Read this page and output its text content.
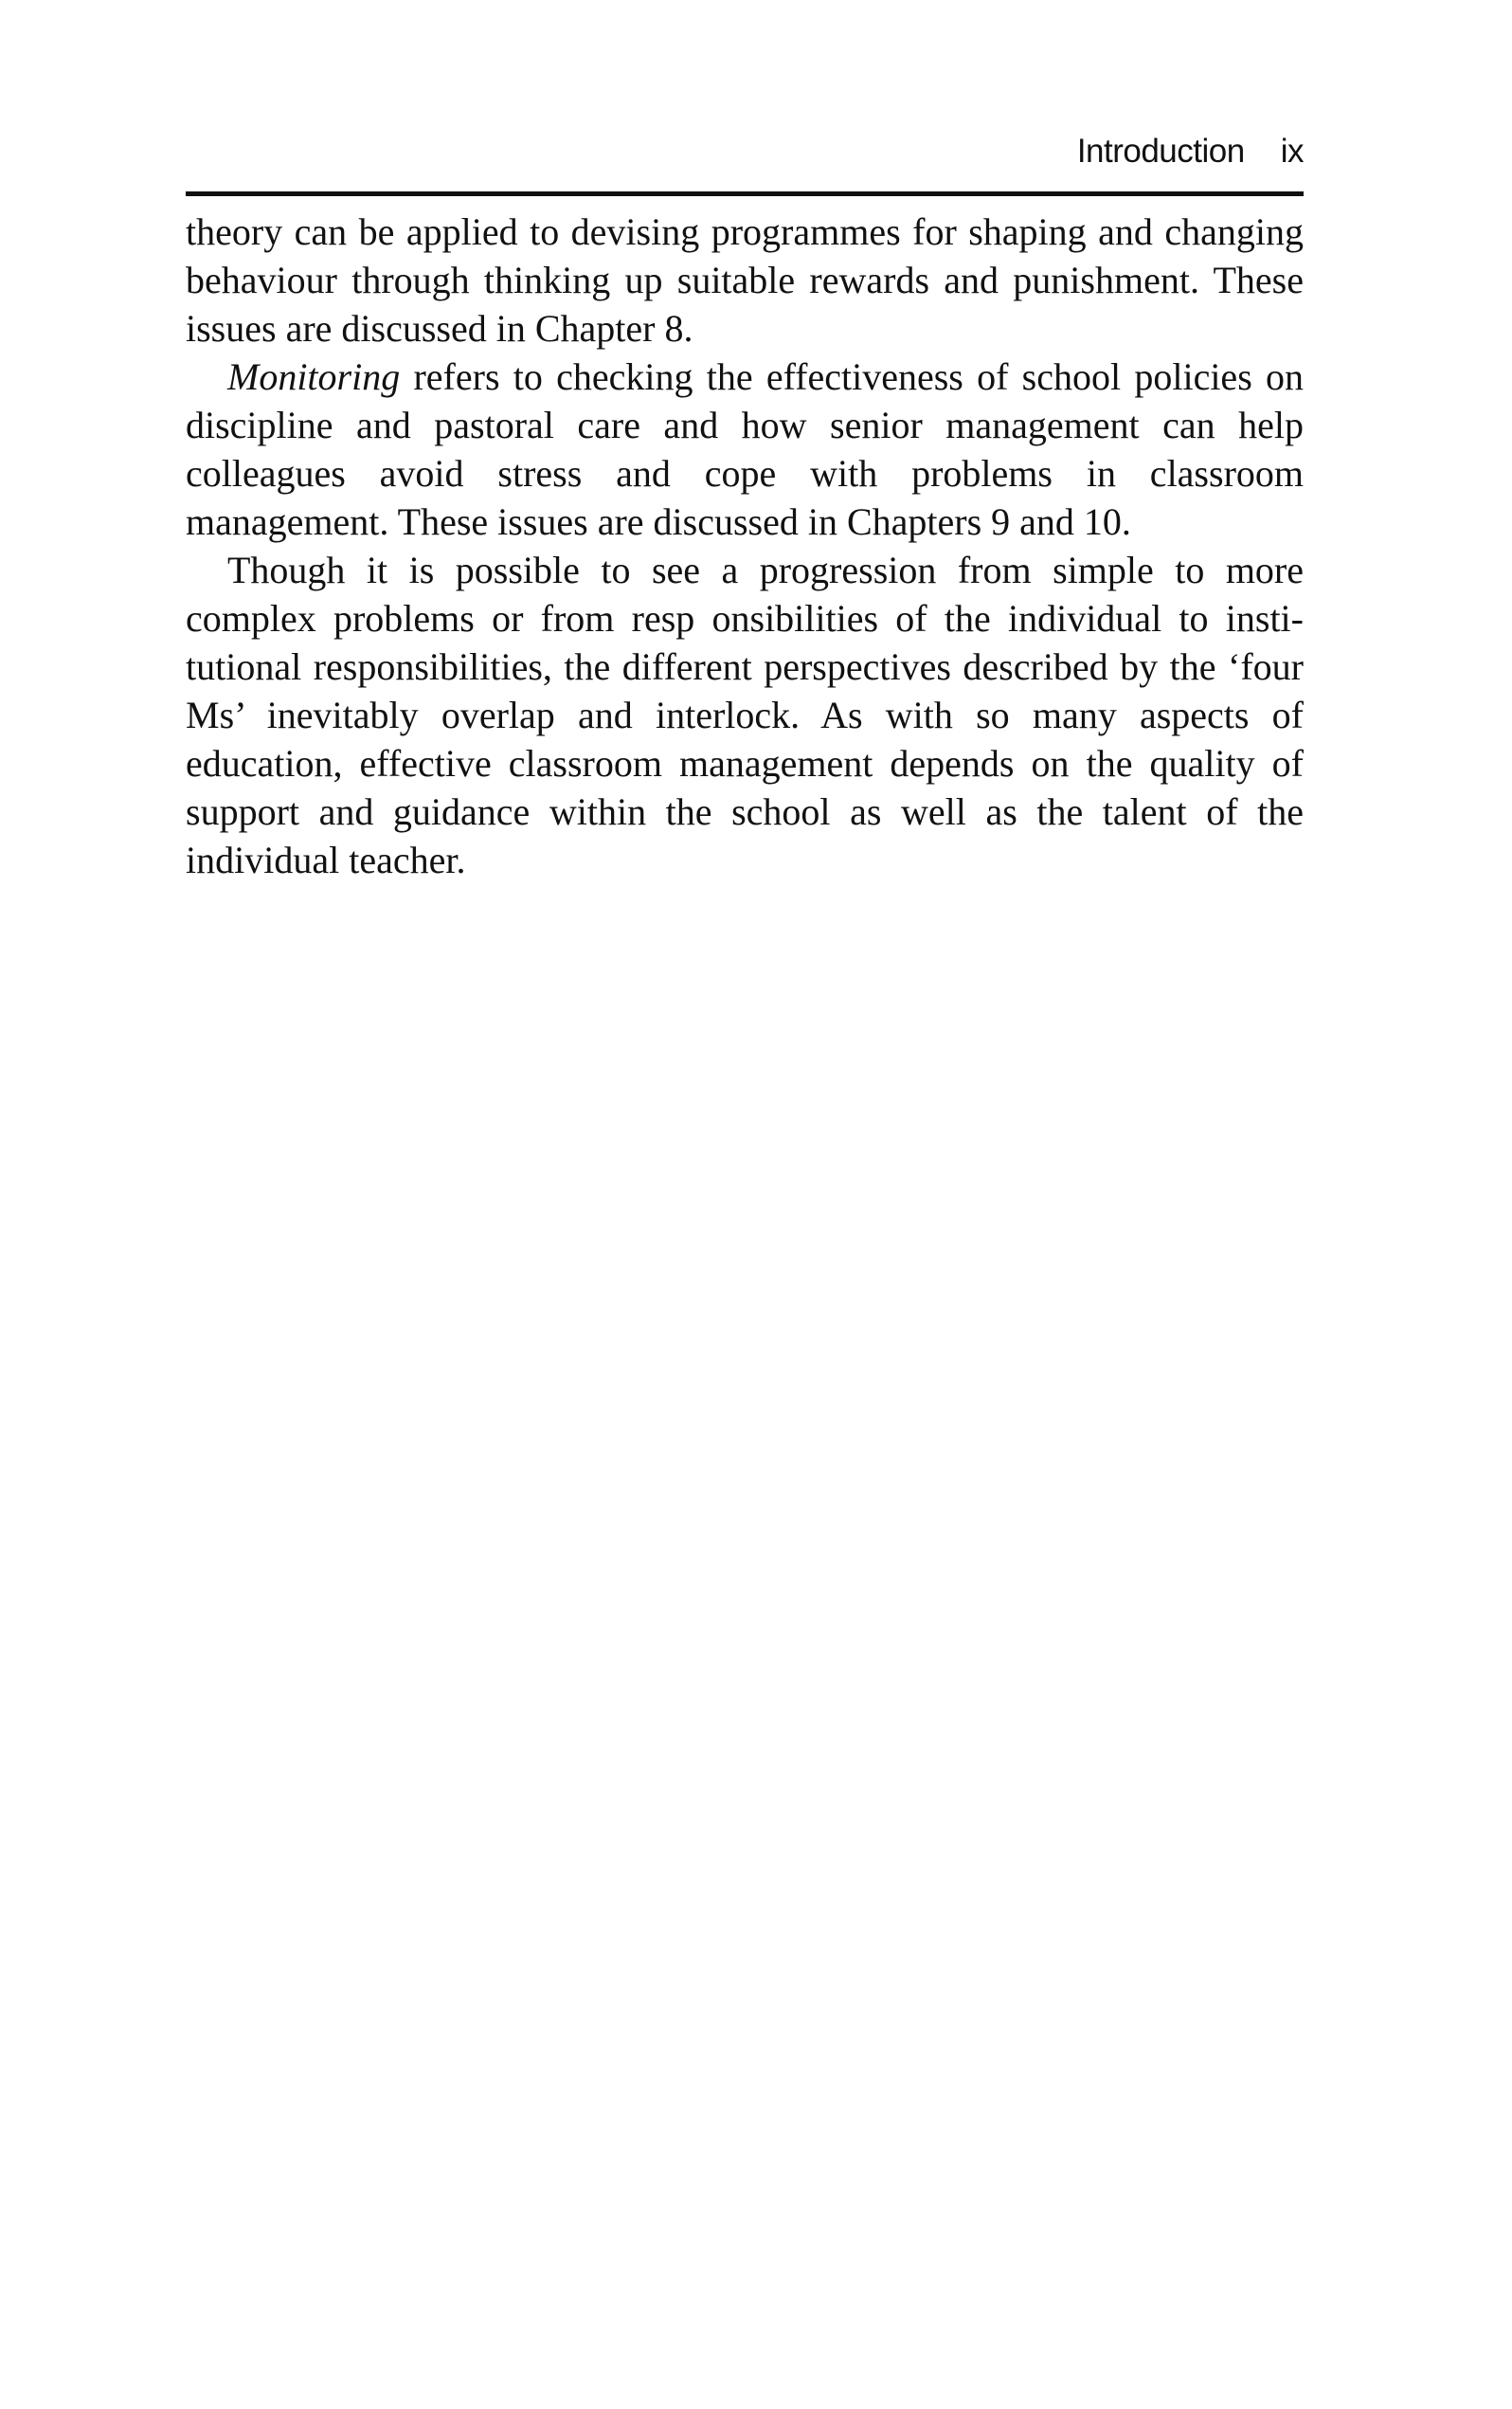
Introduction ix

theory can be applied to devising programmes for shaping and changing behaviour through thinking up suitable rewards and punishment. These issues are discussed in Chapter 8.

Monitoring refers to checking the effectiveness of school policies on discipline and pastoral care and how senior management can help colleagues avoid stress and cope with problems in classroom management. These issues are discussed in Chapters 9 and 10.

Though it is possible to see a progression from simple to more complex problems or from resp onsibilities of the individual to institutional responsibilities, the different perspectives described by the ‘four Ms’ inevitably overlap and interlock. As with so many aspects of education, effective classroom management depends on the quality of support and guidance within the school as well as the talent of the individual teacher.
